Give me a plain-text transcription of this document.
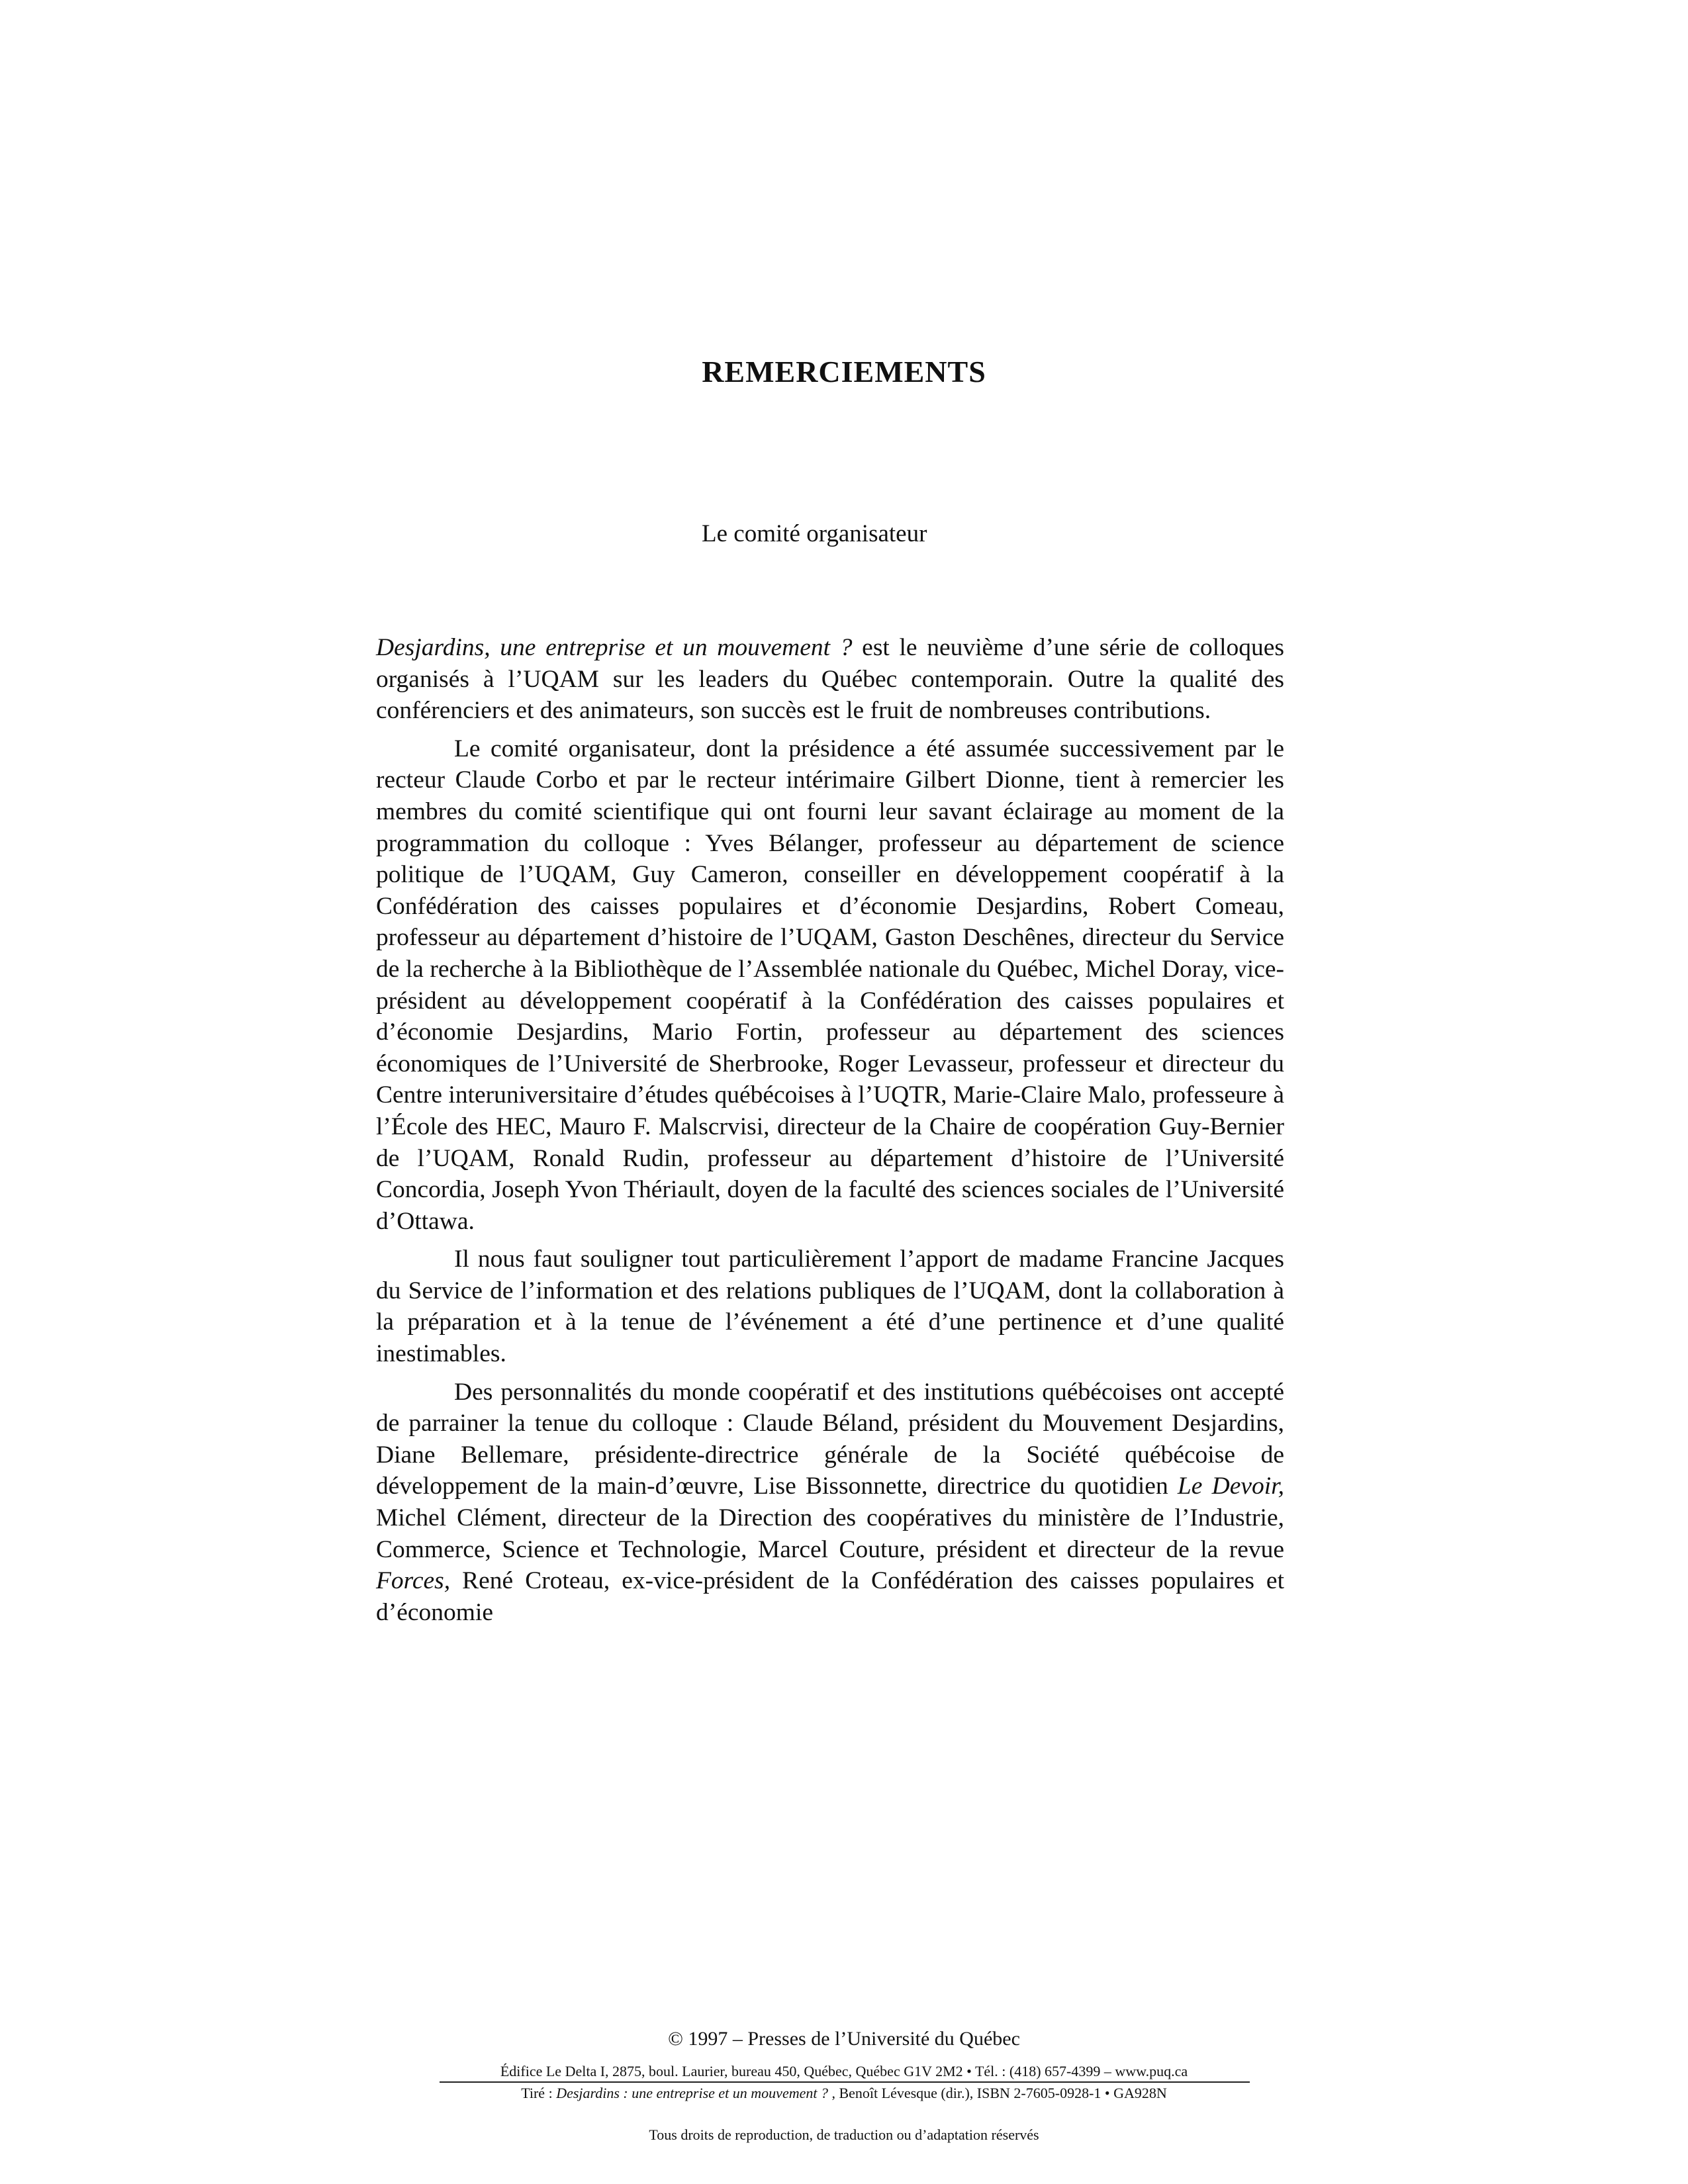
REMERCIEMENTS

Le comité organisateur

Desjardins, une entreprise et un mouvement ? est le neuvième d’une série de colloques organisés à l’UQAM sur les leaders du Québec contemporain. Outre la qualité des conférenciers et des animateurs, son succès est le fruit de nombreuses contributions.

Le comité organisateur, dont la présidence a été assumée successivement par le recteur Claude Corbo et par le recteur intérimaire Gilbert Dionne, tient à remercier les membres du comité scientifique qui ont fourni leur savant éclairage au moment de la programmation du colloque : Yves Bélanger, professeur au département de science politique de l’UQAM, Guy Cameron, conseiller en développement coopératif à la Confédération des caisses populaires et d’économie Desjardins, Robert Comeau, professeur au département d’histoire de l’UQAM, Gaston Deschênes, directeur du Service de la recherche à la Bibliothèque de l’Assemblée nationale du Québec, Michel Doray, vice-président au développement coopératif à la Confédération des caisses populaires et d’économie Desjardins, Mario Fortin, professeur au département des sciences économiques de l’Université de Sherbrooke, Roger Levasseur, professeur et directeur du Centre interuniversitaire d’études québécoises à l’UQTR, Marie-Claire Malo, professeure à l’École des HEC, Mauro F. Malscrvisi, directeur de la Chaire de coopération Guy-Bernier de l’UQAM, Ronald Rudin, professeur au département d’histoire de l’Université Concordia, Joseph Yvon Thériault, doyen de la faculté des sciences sociales de l’Université d’Ottawa.

Il nous faut souligner tout particulièrement l’apport de madame Francine Jacques du Service de l’information et des relations publiques de l’UQAM, dont la collaboration à la préparation et à la tenue de l’événement a été d’une pertinence et d’une qualité inestimables.

Des personnalités du monde coopératif et des institutions québécoises ont accepté de parrainer la tenue du colloque : Claude Béland, président du Mouvement Desjardins, Diane Bellemare, présidente-directrice générale de la Société québécoise de développement de la main-d’œuvre, Lise Bissonnette, directrice du quotidien Le Devoir, Michel Clément, directeur de la Direction des coopératives du ministère de l’Industrie, Commerce, Science et Technologie, Marcel Couture, président et directeur de la revue Forces, René Croteau, ex-vice-président de la Confédération des caisses populaires et d’économie

© 1997 – Presses de l’Université du Québec

Édifice Le Delta I, 2875, boul. Laurier, bureau 450, Québec, Québec G1V 2M2 • Tél. : (418) 657-4399 – www.puq.ca

Tiré : Desjardins : une entreprise et un mouvement ? , Benoît Lévesque (dir.), ISBN 2-7605-0928-1 • GA928N

Tous droits de reproduction, de traduction ou d’adaptation réservés
